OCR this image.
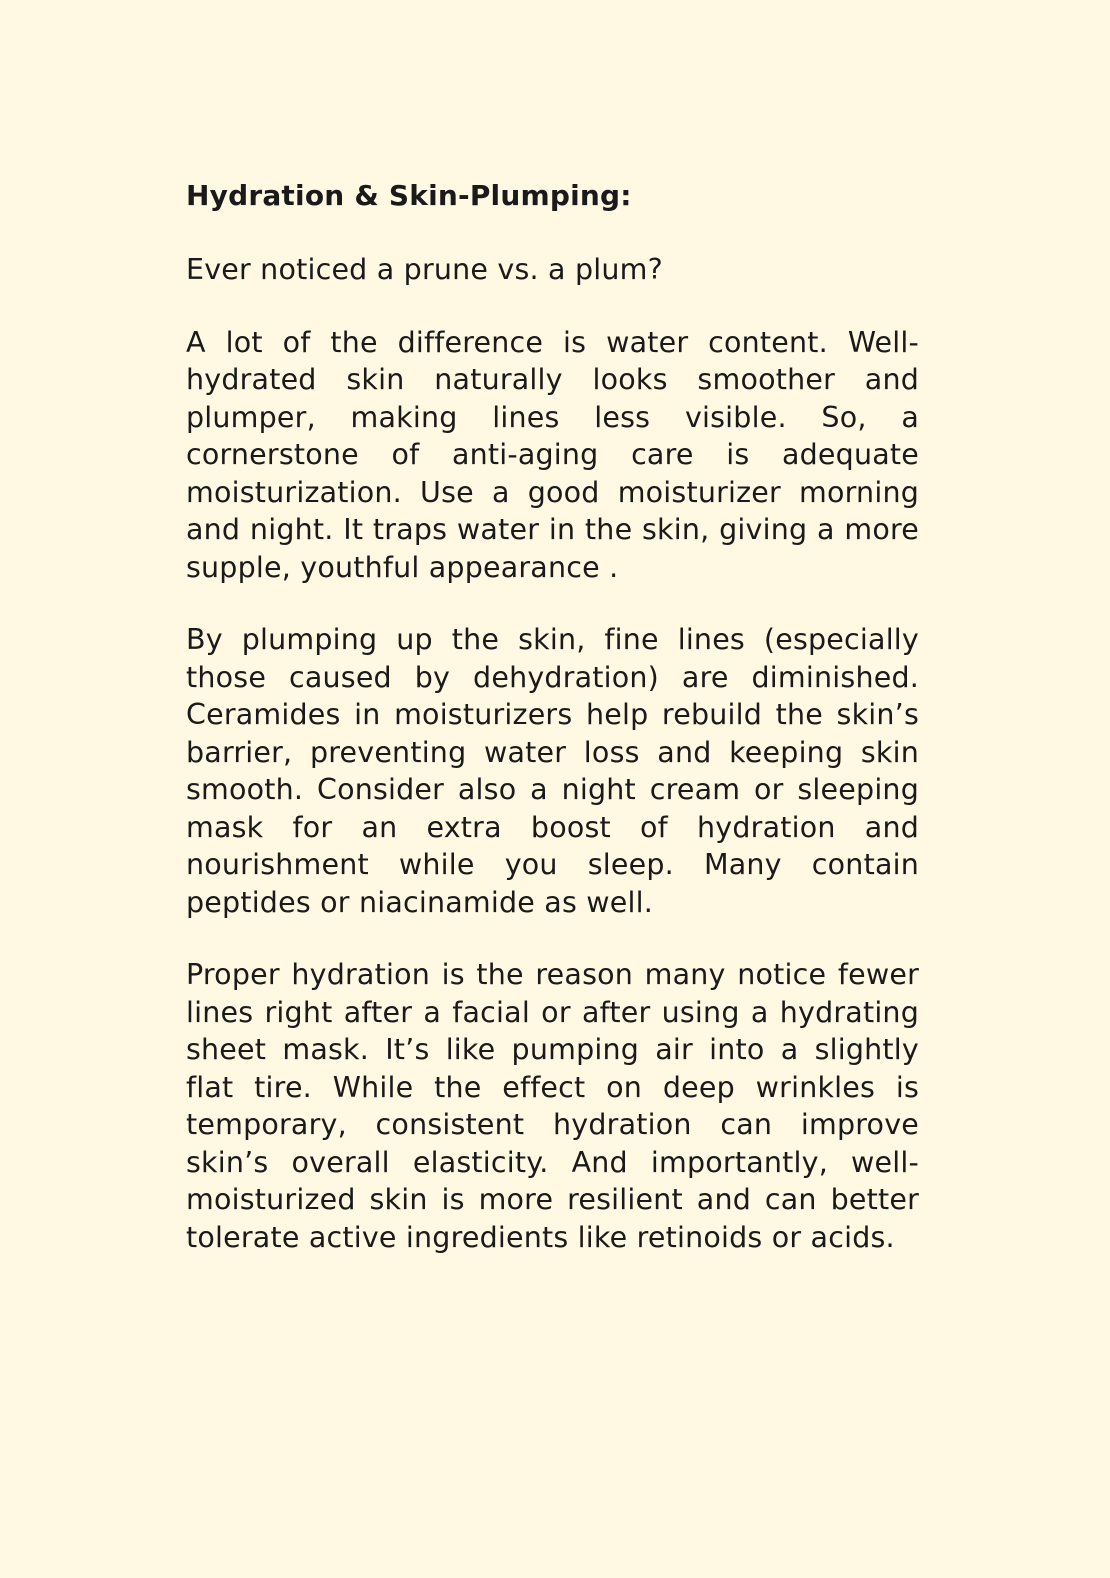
Hydration & Skin-Plumping:

Ever noticed a prune vs. a plum?

A lot of the difference is water content. Well-hydrated skin naturally looks smoother and plumper, making lines less visible. So, a cornerstone of anti-aging care is adequate moisturization. Use a good moisturizer morning and night. It traps water in the skin, giving a more supple, youthful appearance .

By plumping up the skin, fine lines (especially those caused by dehydration) are diminished. Ceramides in moisturizers help rebuild the skin’s barrier, preventing water loss and keeping skin smooth. Consider also a night cream or sleeping mask for an extra boost of hydration and nourishment while you sleep. Many contain peptides or niacinamide as well.

Proper hydration is the reason many notice fewer lines right after a facial or after using a hydrating sheet mask. It’s like pumping air into a slightly flat tire. While the effect on deep wrinkles is temporary, consistent hydration can improve skin’s overall elasticity. And importantly, well-moisturized skin is more resilient and can better tolerate active ingredients like retinoids or acids.
